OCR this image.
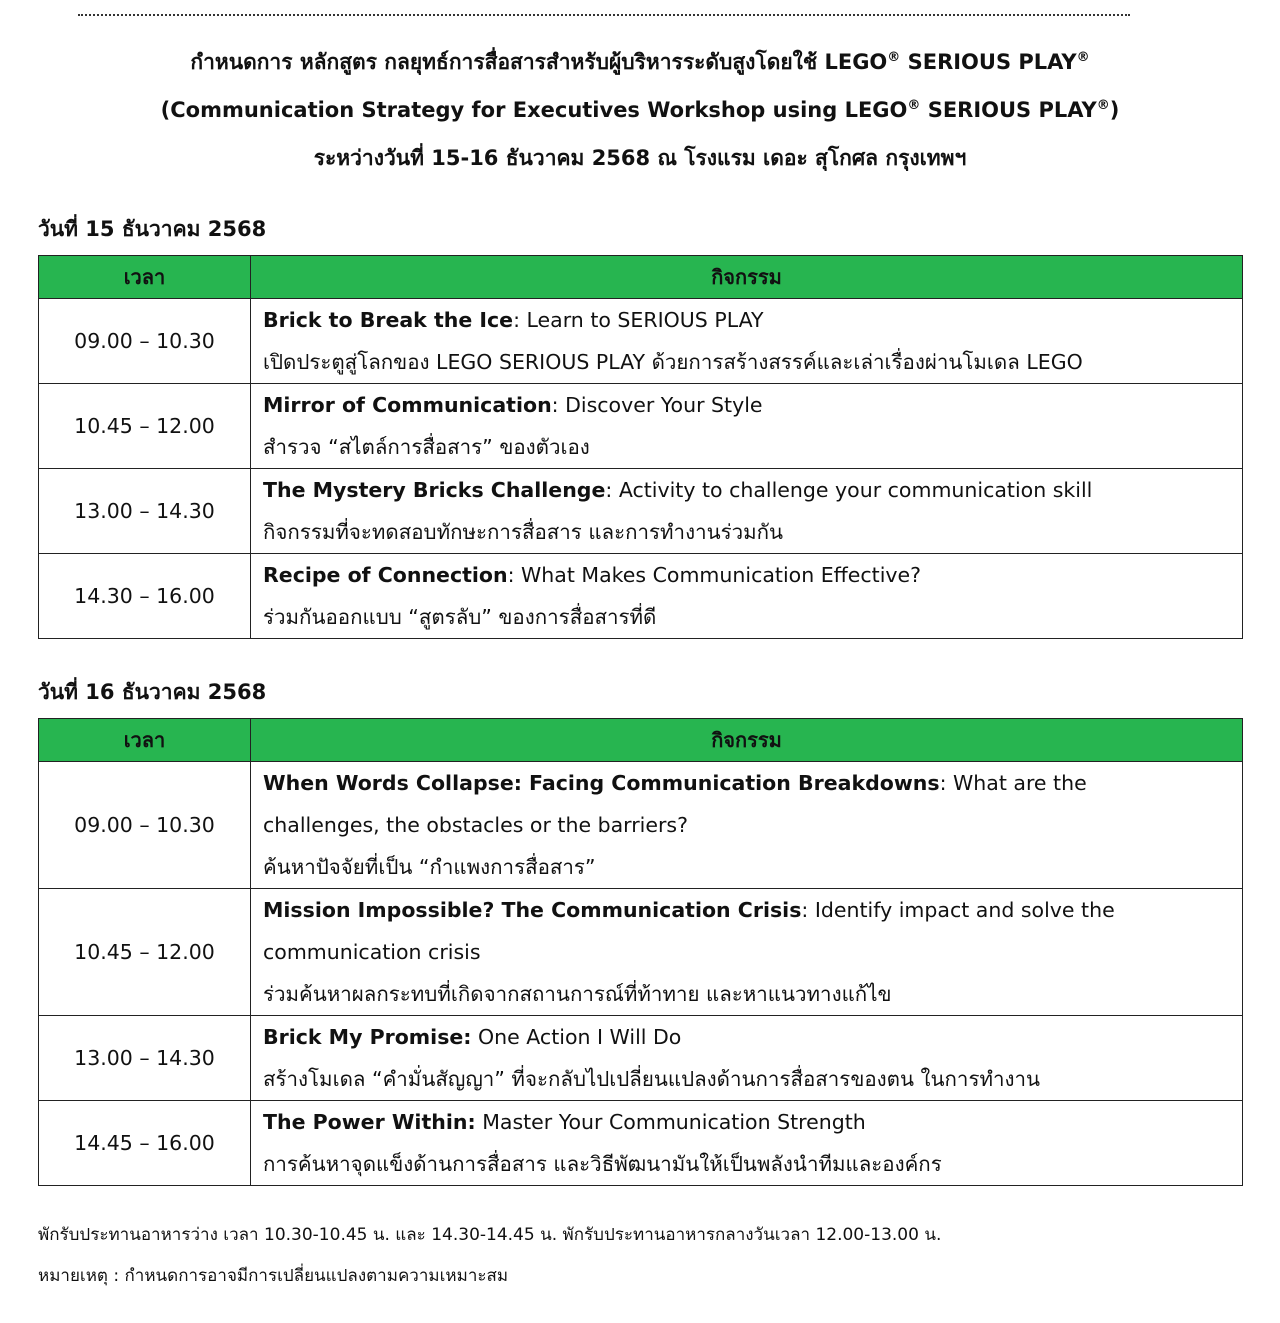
กำหนดการ หลักสูตร กลยุทธ์การสื่อสารสำหรับผู้บริหารระดับสูงโดยใช้ LEGO® SERIOUS PLAY®
(Communication Strategy for Executives Workshop using LEGO® SERIOUS PLAY®)
ระหว่างวันที่ 15-16 ธันวาคม 2568 ณ โรงแรม เดอะ สุโกศล กรุงเทพฯ
วันที่ 15 ธันวาคม 2568
เวลา	กิจกรรม
09.00 – 10.30	Brick to Break the Ice: Learn to SERIOUS PLAY
เปิดประตูสู่โลกของ LEGO SERIOUS PLAY ด้วยการสร้างสรรค์และเล่าเรื่องผ่านโมเดล LEGO

10.45 – 12.00	Mirror of Communication: Discover Your Style
สำรวจ “สไตล์การสื่อสาร” ของตัวเอง

13.00 – 14.30	The Mystery Bricks Challenge: Activity to challenge your communication skill
กิจกรรมที่จะทดสอบทักษะการสื่อสาร และการทำงานร่วมกัน

14.30 – 16.00	Recipe of Connection: What Makes Communication Effective?
ร่วมกันออกแบบ “สูตรลับ” ของการสื่อสารที่ดี
วันที่ 16 ธันวาคม 2568
เวลา	กิจกรรม
09.00 – 10.30	When Words Collapse: Facing Communication Breakdowns: What are the
challenges, the obstacles or the barriers?
ค้นหาปัจจัยที่เป็น “กำแพงการสื่อสาร”

10.45 – 12.00	Mission Impossible? The Communication Crisis: Identify impact and solve the
communication crisis
ร่วมค้นหาผลกระทบที่เกิดจากสถานการณ์ที่ท้าทาย และหาแนวทางแก้ไข

13.00 – 14.30	Brick My Promise: One Action I Will Do
สร้างโมเดล “คำมั่นสัญญา” ที่จะกลับไปเปลี่ยนแปลงด้านการสื่อสารของตน ในการทำงาน

14.45 – 16.00	The Power Within: Master Your Communication Strength
การค้นหาจุดแข็งด้านการสื่อสาร และวิธีพัฒนามันให้เป็นพลังนำทีมและองค์กร
พักรับประทานอาหารว่าง เวลา 10.30-10.45 น. และ 14.30-14.45 น. พักรับประทานอาหารกลางวันเวลา 12.00-13.00 น.
หมายเหตุ : กำหนดการอาจมีการเปลี่ยนแปลงตามความเหมาะสม
